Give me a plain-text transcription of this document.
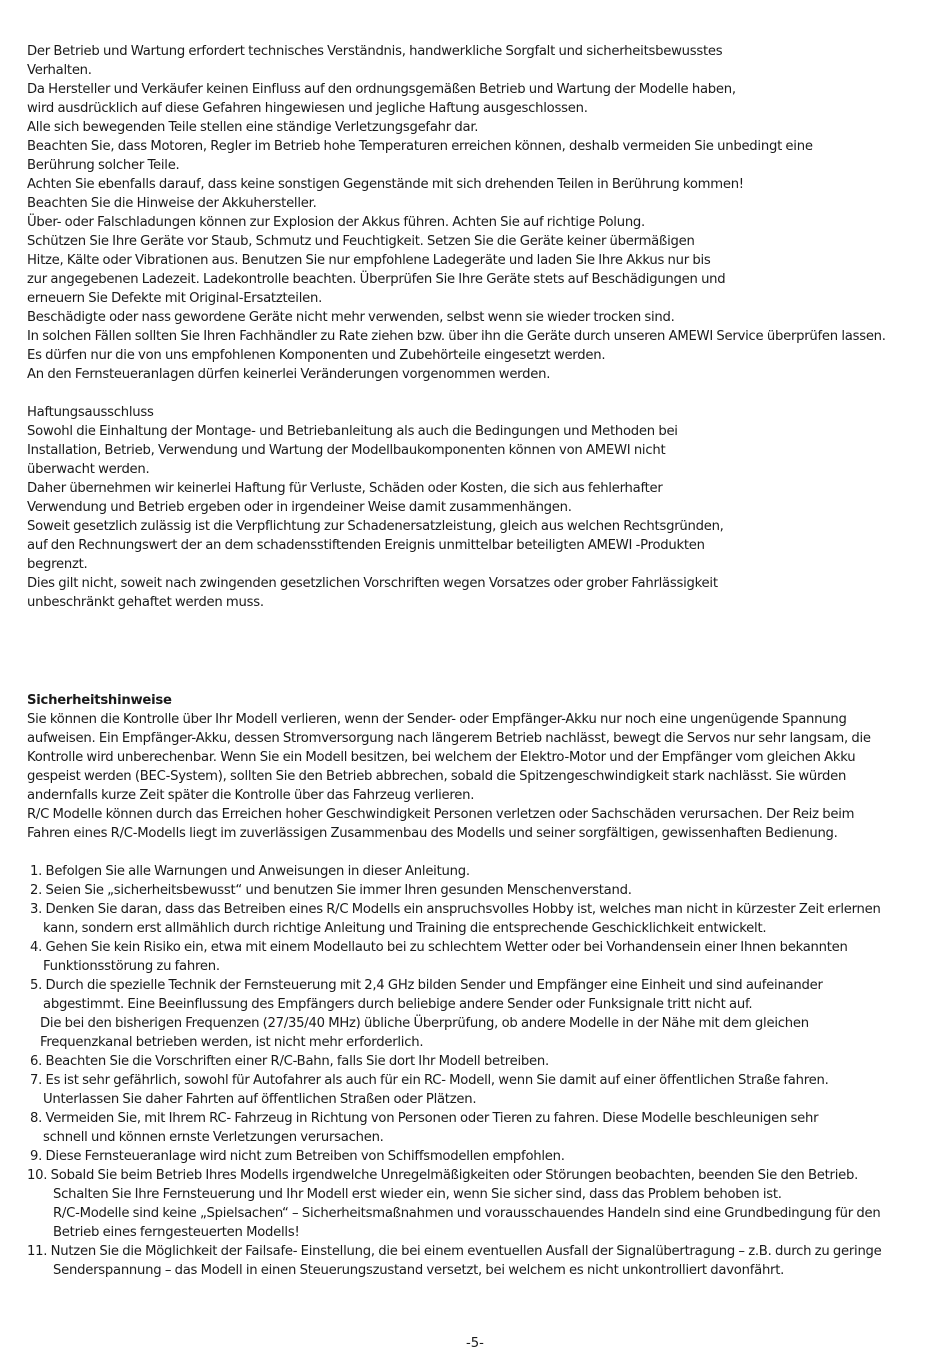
Der Betrieb und Wartung erfordert technisches Verständnis, handwerkliche Sorgfalt und sicherheitsbewusstes
Verhalten.
Da Hersteller und Verkäufer keinen Einfluss auf den ordnungsgemäßen Betrieb und Wartung der Modelle haben,
wird ausdrücklich auf diese Gefahren hingewiesen und jegliche Haftung ausgeschlossen.
Alle sich bewegenden Teile stellen eine ständige Verletzungsgefahr dar.
Beachten Sie, dass Motoren, Regler im Betrieb hohe Temperaturen erreichen können, deshalb vermeiden Sie unbedingt eine
Berührung solcher Teile.
Achten Sie ebenfalls darauf, dass keine sonstigen Gegenstände mit sich drehenden Teilen in Berührung kommen!
Beachten Sie die Hinweise der Akkuhersteller.
Über- oder Falschladungen können zur Explosion der Akkus führen. Achten Sie auf richtige Polung.
Schützen Sie Ihre Geräte vor Staub, Schmutz und Feuchtigkeit. Setzen Sie die Geräte keiner übermäßigen
Hitze, Kälte oder Vibrationen aus. Benutzen Sie nur empfohlene Ladegeräte und laden Sie Ihre Akkus nur bis
zur angegebenen Ladezeit. Ladekontrolle beachten. Überprüfen Sie Ihre Geräte stets auf Beschädigungen und
erneuern Sie Defekte mit Original-Ersatzteilen.
Beschädigte oder nass gewordene Geräte nicht mehr verwenden, selbst wenn sie wieder trocken sind.
In solchen Fällen sollten Sie Ihren Fachhändler zu Rate ziehen bzw. über ihn die Geräte durch unseren AMEWI Service überprüfen lassen.
Es dürfen nur die von uns empfohlenen Komponenten und Zubehörteile eingesetzt werden.
An den Fernsteueranlagen dürfen keinerlei Veränderungen vorgenommen werden.
Haftungsausschluss
Sowohl die Einhaltung der Montage- und Betriebanleitung als auch die Bedingungen und Methoden bei
Installation, Betrieb, Verwendung und Wartung der Modellbaukomponenten können von AMEWI nicht
überwacht werden.
Daher übernehmen wir keinerlei Haftung für Verluste, Schäden oder Kosten, die sich aus fehlerhafter
Verwendung und Betrieb ergeben oder in irgendeiner Weise damit zusammenhängen.
Soweit gesetzlich zulässig ist die Verpflichtung zur Schadenersatzleistung, gleich aus welchen Rechtsgründen,
auf den Rechnungswert der an dem schadensstiftenden Ereignis unmittelbar beteiligten AMEWI -Produkten
begrenzt.
Dies gilt nicht, soweit nach zwingenden gesetzlichen Vorschriften wegen Vorsatzes oder grober Fahrlässigkeit
unbeschränkt gehaftet werden muss.
Sicherheitshinweise
Sie können die Kontrolle über Ihr Modell verlieren, wenn der Sender- oder Empfänger-Akku nur noch eine ungenügende Spannung
aufweisen. Ein Empfänger-Akku, dessen Stromversorgung nach längerem Betrieb nachlässt, bewegt die Servos nur sehr langsam, die
Kontrolle wird unberechenbar. Wenn Sie ein Modell besitzen, bei welchem der Elektro-Motor und der Empfänger vom gleichen Akku
gespeist werden (BEC-System), sollten Sie den Betrieb abbrechen, sobald die Spitzengeschwindigkeit stark nachlässt. Sie würden
andernfalls kurze Zeit später die Kontrolle über das Fahrzeug verlieren.
R/C Modelle können durch das Erreichen hoher Geschwindigkeit Personen verletzen oder Sachschäden verursachen. Der Reiz beim
Fahren eines R/C-Modells liegt im zuverlässigen Zusammenbau des Modells und seiner sorgfältigen, gewissenhaften Bedienung.
1. Befolgen Sie alle Warnungen und Anweisungen in dieser Anleitung.
2. Seien Sie „sicherheitsbewusst“ und benutzen Sie immer Ihren gesunden Menschenverstand.
3. Denken Sie daran, dass das Betreiben eines R/C Modells ein anspruchsvolles Hobby ist, welches man nicht in kürzester Zeit erlernen
kann, sondern erst allmählich durch richtige Anleitung und Training die entsprechende Geschicklichkeit entwickelt.
4. Gehen Sie kein Risiko ein, etwa mit einem Modellauto bei zu schlechtem Wetter oder bei Vorhandensein einer Ihnen bekannten
Funktionsstörung zu fahren.
5. Durch die spezielle Technik der Fernsteuerung mit 2,4 GHz bilden Sender und Empfänger eine Einheit und sind aufeinander
abgestimmt. Eine Beeinflussung des Empfängers durch beliebige andere Sender oder Funksignale tritt nicht auf.
Die bei den bisherigen Frequenzen (27/35/40 MHz) übliche Überprüfung, ob andere Modelle in der Nähe mit dem gleichen
Frequenzkanal betrieben werden, ist nicht mehr erforderlich.
6. Beachten Sie die Vorschriften einer R/C-Bahn, falls Sie dort Ihr Modell betreiben.
7. Es ist sehr gefährlich, sowohl für Autofahrer als auch für ein RC- Modell, wenn Sie damit auf einer öffentlichen Straße fahren.
Unterlassen Sie daher Fahrten auf öffentlichen Straßen oder Plätzen.
8. Vermeiden Sie, mit Ihrem RC- Fahrzeug in Richtung von Personen oder Tieren zu fahren. Diese Modelle beschleunigen sehr
schnell und können ernste Verletzungen verursachen.
9. Diese Fernsteueranlage wird nicht zum Betreiben von Schiffsmodellen empfohlen.
10. Sobald Sie beim Betrieb Ihres Modells irgendwelche Unregelmäßigkeiten oder Störungen beobachten, beenden Sie den Betrieb.
Schalten Sie Ihre Fernsteuerung und Ihr Modell erst wieder ein, wenn Sie sicher sind, dass das Problem behoben ist.
R/C-Modelle sind keine „Spielsachen“ – Sicherheitsmaßnahmen und vorausschauendes Handeln sind eine Grundbedingung für den
Betrieb eines ferngesteuerten Modells!
11. Nutzen Sie die Möglichkeit der Failsafe- Einstellung, die bei einem eventuellen Ausfall der Signalübertragung – z.B. durch zu geringe
Senderspannung – das Modell in einen Steuerungszustand versetzt, bei welchem es nicht unkontrolliert davonfährt.
-5-
